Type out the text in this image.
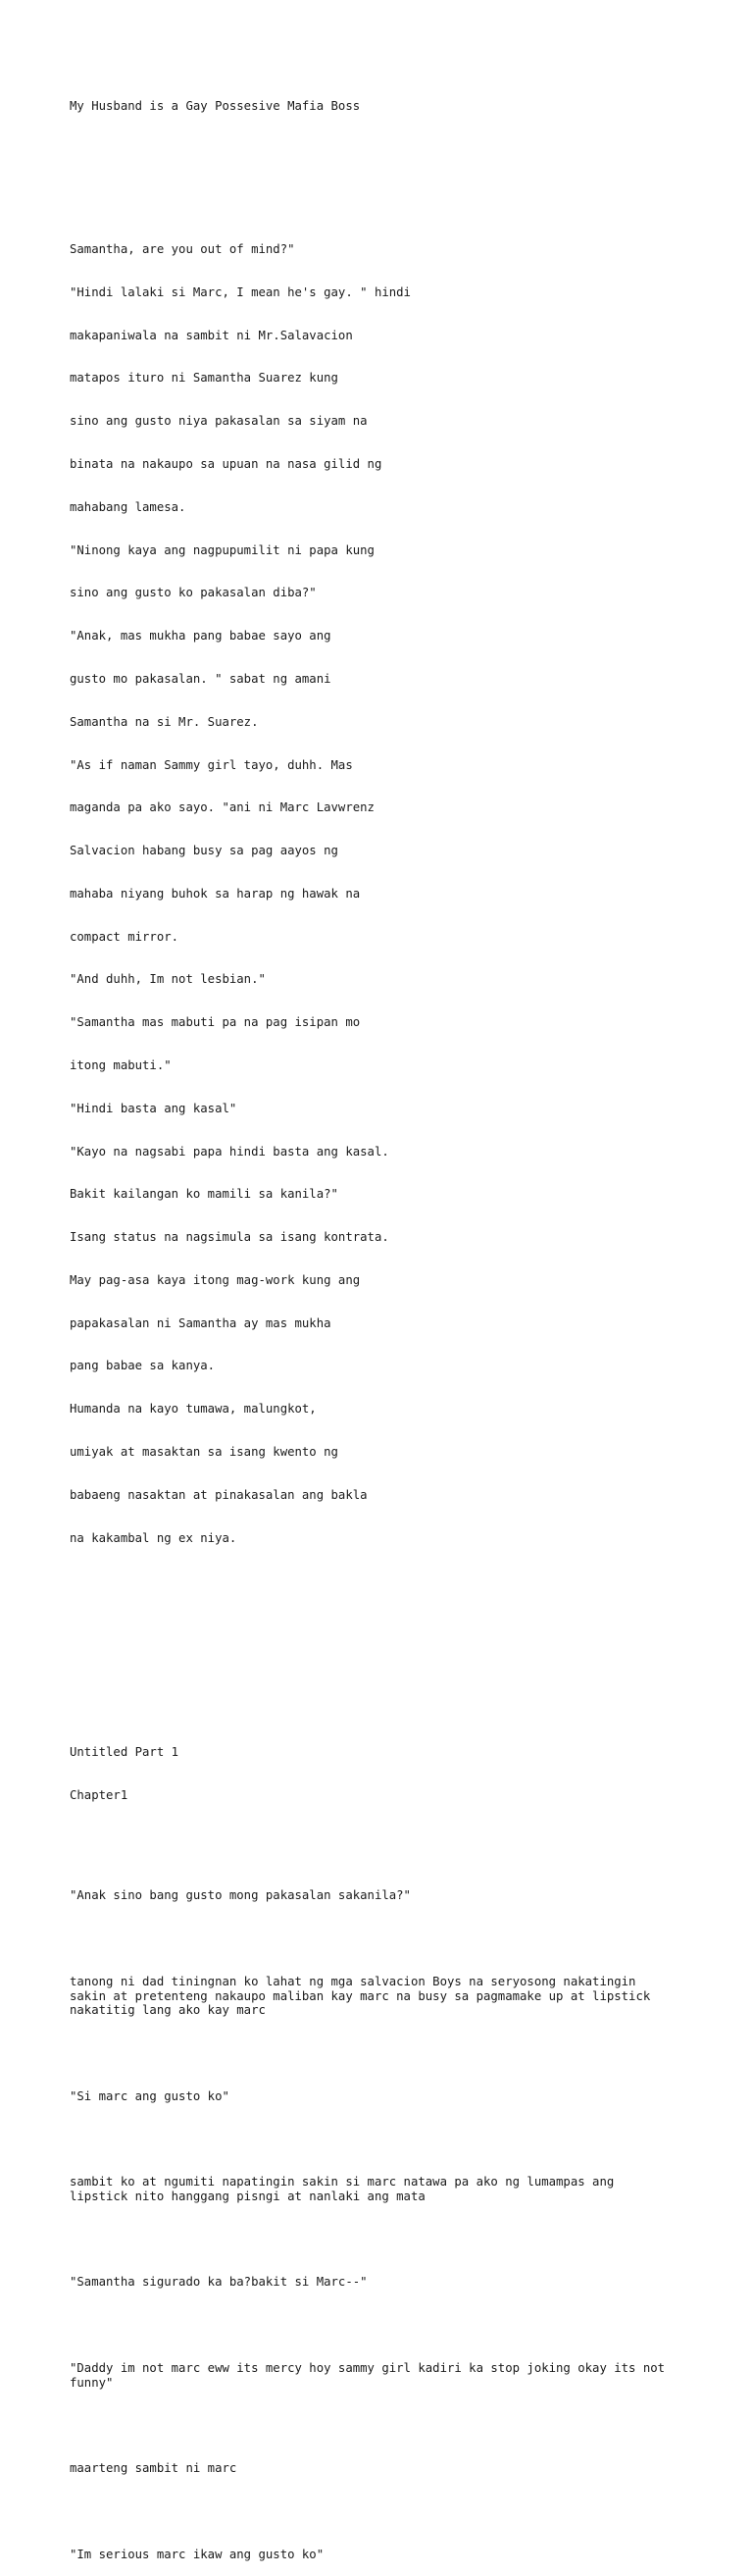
My Husband is a Gay Possesive Mafia Boss

Samantha, are you out of mind?"

"Hindi lalaki si Marc, I mean he's gay. " hindi

makapaniwala na sambit ni Mr.Salavacion

matapos ituro ni Samantha Suarez kung

sino ang gusto niya pakasalan sa siyam na

binata na nakaupo sa upuan na nasa gilid ng

mahabang lamesa.

"Ninong kaya ang nagpupumilit ni papa kung

sino ang gusto ko pakasalan diba?"

"Anak, mas mukha pang babae sayo ang

gusto mo pakasalan. " sabat ng amani

Samantha na si Mr. Suarez.

"As if naman Sammy girl tayo, duhh. Mas

maganda pa ako sayo. "ani ni Marc Lavwrenz

Salvacion habang busy sa pag aayos ng

mahaba niyang buhok sa harap ng hawak na

compact mirror.

"And duhh, Im not lesbian."

"Samantha mas mabuti pa na pag isipan mo

itong mabuti."

"Hindi basta ang kasal"

"Kayo na nagsabi papa hindi basta ang kasal.

Bakit kailangan ko mamili sa kanila?"

Isang status na nagsimula sa isang kontrata.

May pag-asa kaya itong mag-work kung ang

papakasalan ni Samantha ay mas mukha

pang babae sa kanya.

Humanda na kayo tumawa, malungkot,

umiyak at masaktan sa isang kwento ng

babaeng nasaktan at pinakasalan ang bakla

na kakambal ng ex niya.

Untitled Part 1

Chapter1

"Anak sino bang gusto mong pakasalan sakanila?"

tanong ni dad tiningnan ko lahat ng mga salvacion Boys na seryosong nakatingin
sakin at pretenteng nakaupo maliban kay marc na busy sa pagmamake up at lipstick
nakatitig lang ako kay marc

"Si marc ang gusto ko"

sambit ko at ngumiti napatingin sakin si marc natawa pa ako ng lumampas ang
lipstick nito hanggang pisngi at nanlaki ang mata

"Samantha sigurado ka ba?bakit si Marc--"

"Daddy im not marc eww its mercy hoy sammy girl kadiri ka stop joking okay its not
funny"

maarteng sambit ni marc

"Im serious marc ikaw ang gusto ko"
